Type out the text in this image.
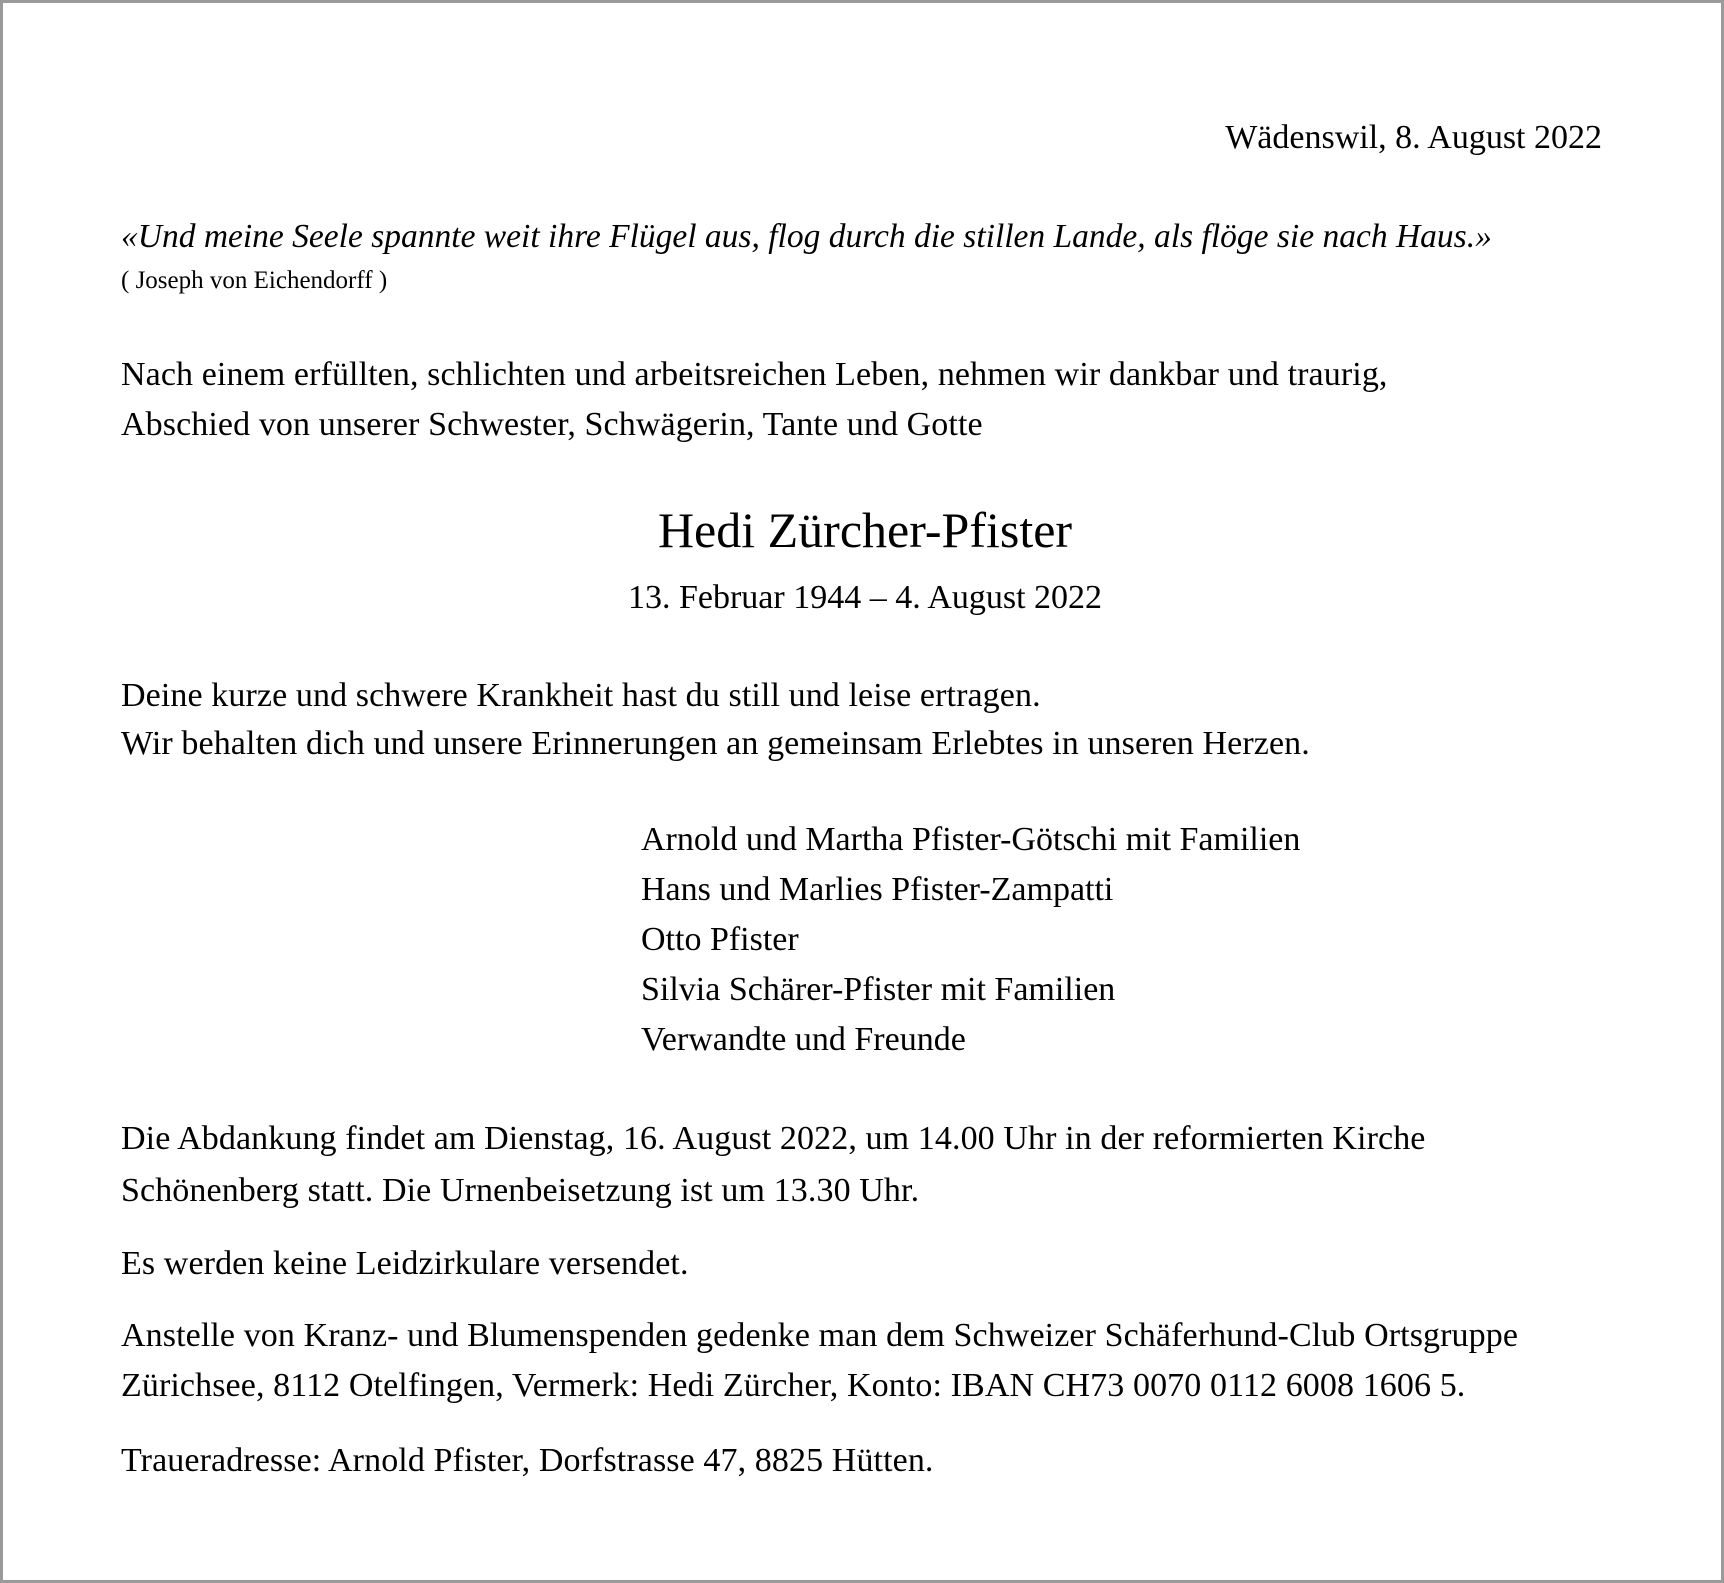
Wädenswil, 8. August 2022
«Und meine Seele spannte weit ihre Flügel aus, flog durch die stillen Lande, als flöge sie nach Haus.»
( Joseph von Eichendorff )
Nach einem erfüllten, schlichten und arbeitsreichen Leben, nehmen wir dankbar und traurig,
Abschied von unserer Schwester, Schwägerin, Tante und Gotte
Hedi Zürcher-Pfister
13. Februar 1944 – 4. August 2022
Deine kurze und schwere Krankheit hast du still und leise ertragen.
Wir behalten dich und unsere Erinnerungen an gemeinsam Erlebtes in unseren Herzen.
Arnold und Martha Pfister-Götschi mit Familien
Hans und Marlies Pfister-Zampatti
Otto Pfister
Silvia Schärer-Pfister mit Familien
Verwandte und Freunde
Die Abdankung findet am Dienstag, 16. August 2022, um 14.00 Uhr in der reformierten Kirche
Schönenberg statt. Die Urnenbeisetzung ist um 13.30 Uhr.
Es werden keine Leidzirkulare versendet.
Anstelle von Kranz- und Blumenspenden gedenke man dem Schweizer Schäferhund-Club Ortsgruppe
Zürichsee, 8112 Otelfingen, Vermerk: Hedi Zürcher, Konto: IBAN CH73 0070 0112 6008 1606 5.
Traueradresse: Arnold Pfister, Dorfstrasse 47, 8825 Hütten.
